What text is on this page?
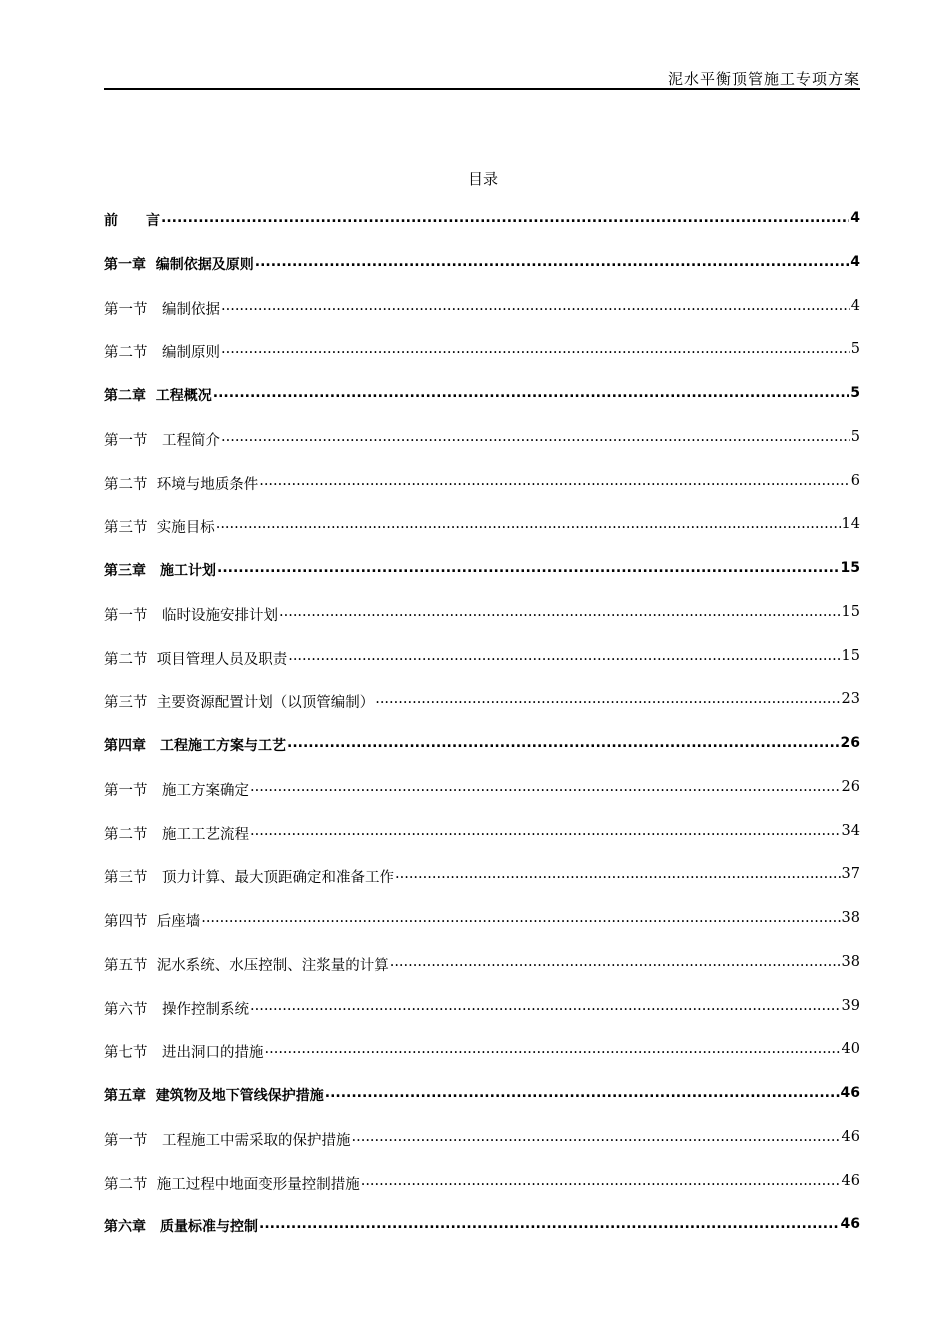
泥水平衡顶管施工专项方案
目录
前　　言 .....	4
第一章  编制依据及原则 .....	4
第一节　编制依据 .....	4
第二节　编制原则 .....	5
第二章  工程概况 .....	5
第一节　工程简介 .....	5
第二节  环境与地质条件 .....	6
第三节  实施目标 .....	14
第三章　施工计划 .....	15
第一节　临时设施安排计划 .....	15
第二节  项目管理人员及职责 .....	15
第三节  主要资源配置计划（以顶管编制） .....	23
第四章　工程施工方案与工艺 .....	26
第一节　施工方案确定 .....	26
第二节　施工工艺流程 .....	34
第三节　顶力计算、最大顶距确定和准备工作 .....	37
第四节  后座墙 .....	38
第五节  泥水系统、水压控制、注浆量的计算 .....	38
第六节　操作控制系统 .....	39
第七节　进出洞口的措施 .....	40
第五章  建筑物及地下管线保护措施 .....	46
第一节　工程施工中需采取的保护措施 .....	46
第二节  施工过程中地面变形量控制措施 .....	46
第六章　质量标准与控制 .....	46
